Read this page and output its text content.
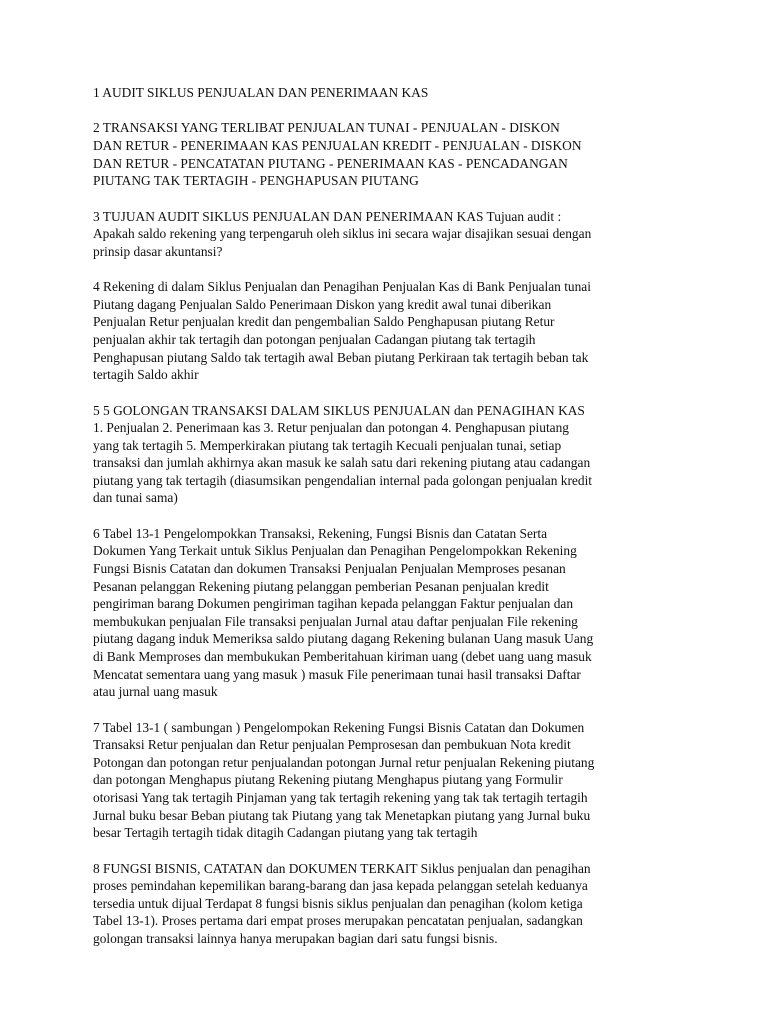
1 AUDIT SIKLUS PENJUALAN DAN PENERIMAAN KAS

2 TRANSAKSI YANG TERLIBAT PENJUALAN TUNAI - PENJUALAN - DISKON
DAN RETUR - PENERIMAAN KAS PENJUALAN KREDIT - PENJUALAN - DISKON
DAN RETUR - PENCATATAN PIUTANG - PENERIMAAN KAS - PENCADANGAN
PIUTANG TAK TERTAGIH - PENGHAPUSAN PIUTANG

3 TUJUAN AUDIT SIKLUS PENJUALAN DAN PENERIMAAN KAS Tujuan audit :
Apakah saldo rekening yang terpengaruh oleh siklus ini secara wajar disajikan sesuai dengan
prinsip dasar akuntansi?

4 Rekening di dalam Siklus Penjualan dan Penagihan Penjualan Kas di Bank Penjualan tunai
Piutang dagang Penjualan Saldo Penerimaan Diskon yang kredit awal tunai diberikan
Penjualan Retur penjualan kredit dan pengembalian Saldo Penghapusan piutang Retur
penjualan akhir tak tertagih dan potongan penjualan Cadangan piutang tak tertagih
Penghapusan piutang Saldo tak tertagih awal Beban piutang Perkiraan tak tertagih beban tak
tertagih Saldo akhir

5 5 GOLONGAN TRANSAKSI DALAM SIKLUS PENJUALAN dan PENAGIHAN KAS
1. Penjualan 2. Penerimaan kas 3. Retur penjualan dan potongan 4. Penghapusan piutang
yang tak tertagih 5. Memperkirakan piutang tak tertagih Kecuali penjualan tunai, setiap
transaksi dan jumlah akhirnya akan masuk ke salah satu dari rekening piutang atau cadangan
piutang yang tak tertagih (diasumsikan pengendalian internal pada golongan penjualan kredit
dan tunai sama)

6 Tabel 13-1 Pengelompokkan Transaksi, Rekening, Fungsi Bisnis dan Catatan Serta
Dokumen Yang Terkait untuk Siklus Penjualan dan Penagihan Pengelompokkan Rekening
Fungsi Bisnis Catatan dan dokumen Transaksi Penjualan Penjualan Memproses pesanan
Pesanan pelanggan Rekening piutang pelanggan pemberian Pesanan penjualan kredit
pengiriman barang Dokumen pengiriman tagihan kepada pelanggan Faktur penjualan dan
membukukan penjualan File transaksi penjualan Jurnal atau daftar penjualan File rekening
piutang dagang induk Memeriksa saldo piutang dagang Rekening bulanan Uang masuk Uang
di Bank Memproses dan membukukan Pemberitahuan kiriman uang (debet uang uang masuk
Mencatat sementara uang yang masuk ) masuk File penerimaan tunai hasil transaksi Daftar
atau jurnal uang masuk

7 Tabel 13-1 ( sambungan ) Pengelompokan Rekening Fungsi Bisnis Catatan dan Dokumen
Transaksi Retur penjualan dan Retur penjualan Pemprosesan dan pembukuan Nota kredit
Potongan dan potongan retur penjualandan potongan Jurnal retur penjualan Rekening piutang
dan potongan Menghapus piutang Rekening piutang Menghapus piutang yang Formulir
otorisasi Yang tak tertagih Pinjaman yang tak tertagih rekening yang tak tak tertagih tertagih
Jurnal buku besar Beban piutang tak Piutang yang tak Menetapkan piutang yang Jurnal buku
besar Tertagih tertagih tidak ditagih Cadangan piutang yang tak tertagih

8 FUNGSI BISNIS, CATATAN dan DOKUMEN TERKAIT Siklus penjualan dan penagihan
proses pemindahan kepemilikan barang-barang dan jasa kepada pelanggan setelah keduanya
tersedia untuk dijual Terdapat 8 fungsi bisnis siklus penjualan dan penagihan (kolom ketiga
Tabel 13-1). Proses pertama dari empat proses merupakan pencatatan penjualan, sadangkan
golongan transaksi lainnya hanya merupakan bagian dari satu fungsi bisnis.
